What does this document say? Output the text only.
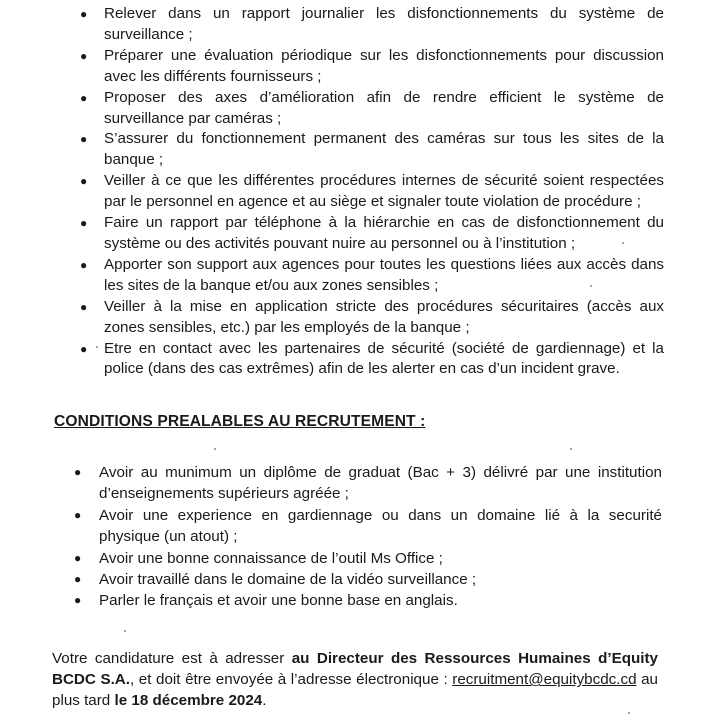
● Relever dans un rapport journalier les disfonctionnements du système de surveillance ;
● Préparer une évaluation périodique sur les disfonctionnements pour discussion avec les différents fournisseurs ;
● Proposer des axes d’amélioration afin de rendre efficient le système de surveillance par caméras ;
● S’assurer du fonctionnement permanent des caméras sur tous les sites de la banque ;
● Veiller à ce que les différentes procédures internes de sécurité soient respectées par le personnel en agence et au siège et signaler toute violation de procédure ;
● Faire un rapport par téléphone à la hiérarchie en cas de disfonctionnement du système ou des activités pouvant nuire au personnel ou à l’institution ;
● Apporter son support aux agences pour toutes les questions liées aux accès dans les sites de la banque et/ou aux zones sensibles ;
● Veiller à la mise en application stricte des procédures sécuritaires (accès aux zones sensibles, etc.) par les employés de la banque ;
● Etre en contact avec les partenaires de sécurité (société de gardiennage) et la police (dans des cas extrêmes) afin de les alerter en cas d’un incident grave.
CONDITIONS PREALABLES AU RECRUTEMENT :
● Avoir au munimum un diplôme de graduat (Bac + 3) délivré par une institution d’enseignements supérieurs agréée ;
● Avoir une experience en gardiennage ou dans un domaine lié à la securité physique (un atout) ;
● Avoir une bonne connaissance de l’outil Ms Office ;
● Avoir travaillé dans le domaine de la vidéo surveillance ;
● Parler le français et avoir une bonne base en anglais.

Votre candidature est à adresser au Directeur des Ressources Humaines d’Equity BCDC S.A., et doit être envoyée à l’adresse électronique : recruitment@equitybcdc.cd au plus tard le 18 décembre 2024.
